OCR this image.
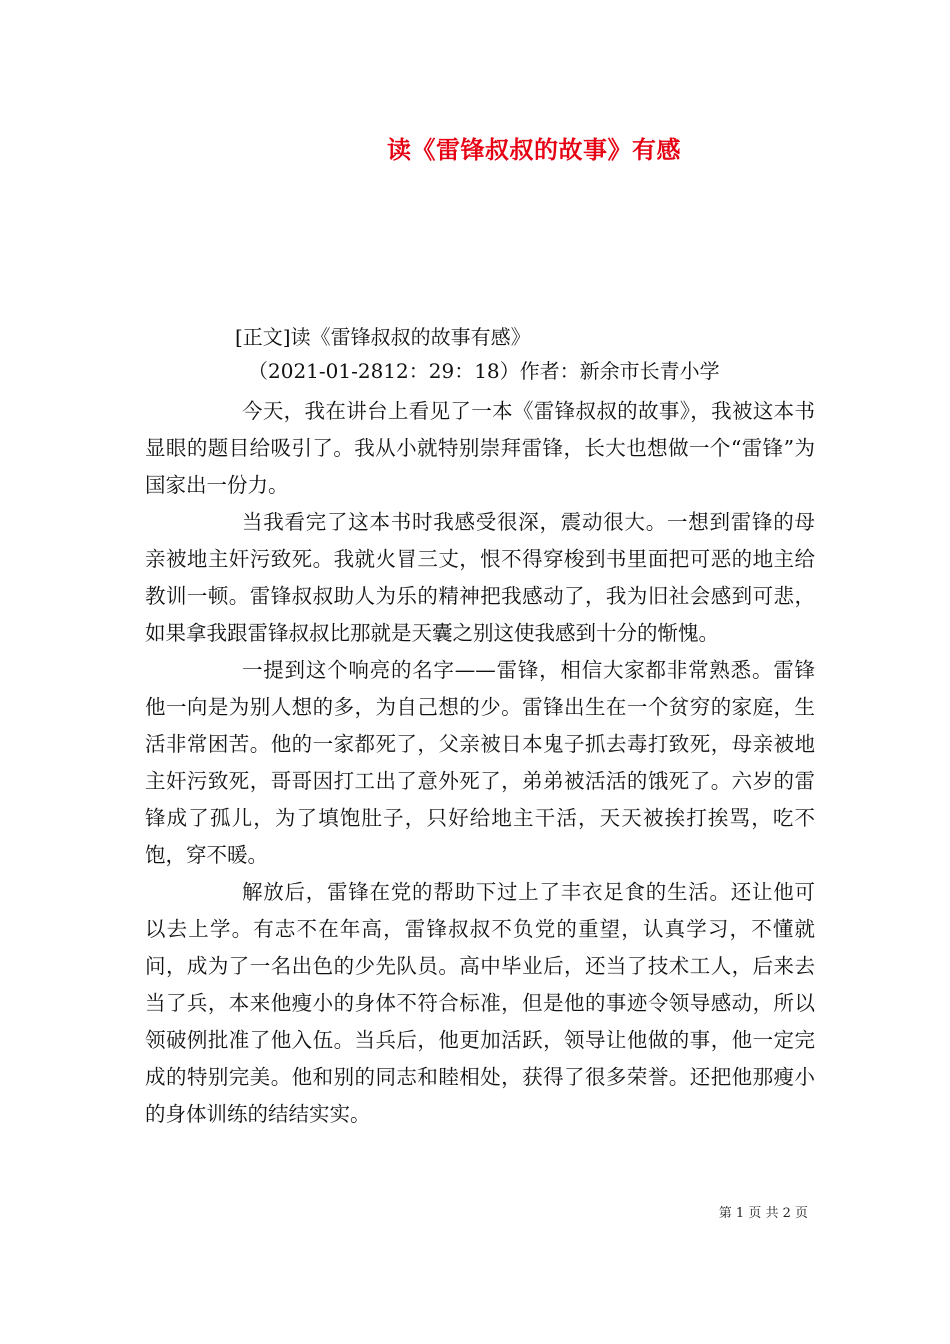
读《雷锋叔叔的故事》有感

[正文]读《雷锋叔叔的故事有感》

（2021-01-2812：29：18）作者：新余市长青小学

今天，我在讲台上看见了一本《雷锋叔叔的故事》，我被这本书显眼的题目给吸引了。我从小就特别崇拜雷锋，长大也想做一个“雷锋”为国家出一份力。

当我看完了这本书时我感受很深，震动很大。一想到雷锋的母亲被地主奸污致死。我就火冒三丈，恨不得穿梭到书里面把可恶的地主给教训一顿。雷锋叔叔助人为乐的精神把我感动了，我为旧社会感到可悲，如果拿我跟雷锋叔叔比那就是天囊之别这使我感到十分的惭愧。

一提到这个响亮的名字——雷锋，相信大家都非常熟悉。雷锋他一向是为别人想的多，为自己想的少。雷锋出生在一个贫穷的家庭，生活非常困苦。他的一家都死了，父亲被日本鬼子抓去毒打致死，母亲被地主奸污致死，哥哥因打工出了意外死了，弟弟被活活的饿死了。六岁的雷锋成了孤儿，为了填饱肚子，只好给地主干活，天天被挨打挨骂，吃不饱，穿不暖。

解放后，雷锋在党的帮助下过上了丰衣足食的生活。还让他可以去上学。有志不在年高，雷锋叔叔不负党的重望，认真学习，不懂就问，成为了一名出色的少先队员。高中毕业后，还当了技术工人，后来去当了兵，本来他瘦小的身体不符合标准，但是他的事迹令领导感动，所以领破例批准了他入伍。当兵后，他更加活跃，领导让他做的事，他一定完成的特别完美。他和别的同志和睦相处，获得了很多荣誉。还把他那瘦小的身体训练的结结实实。

第 1 页 共 2 页
